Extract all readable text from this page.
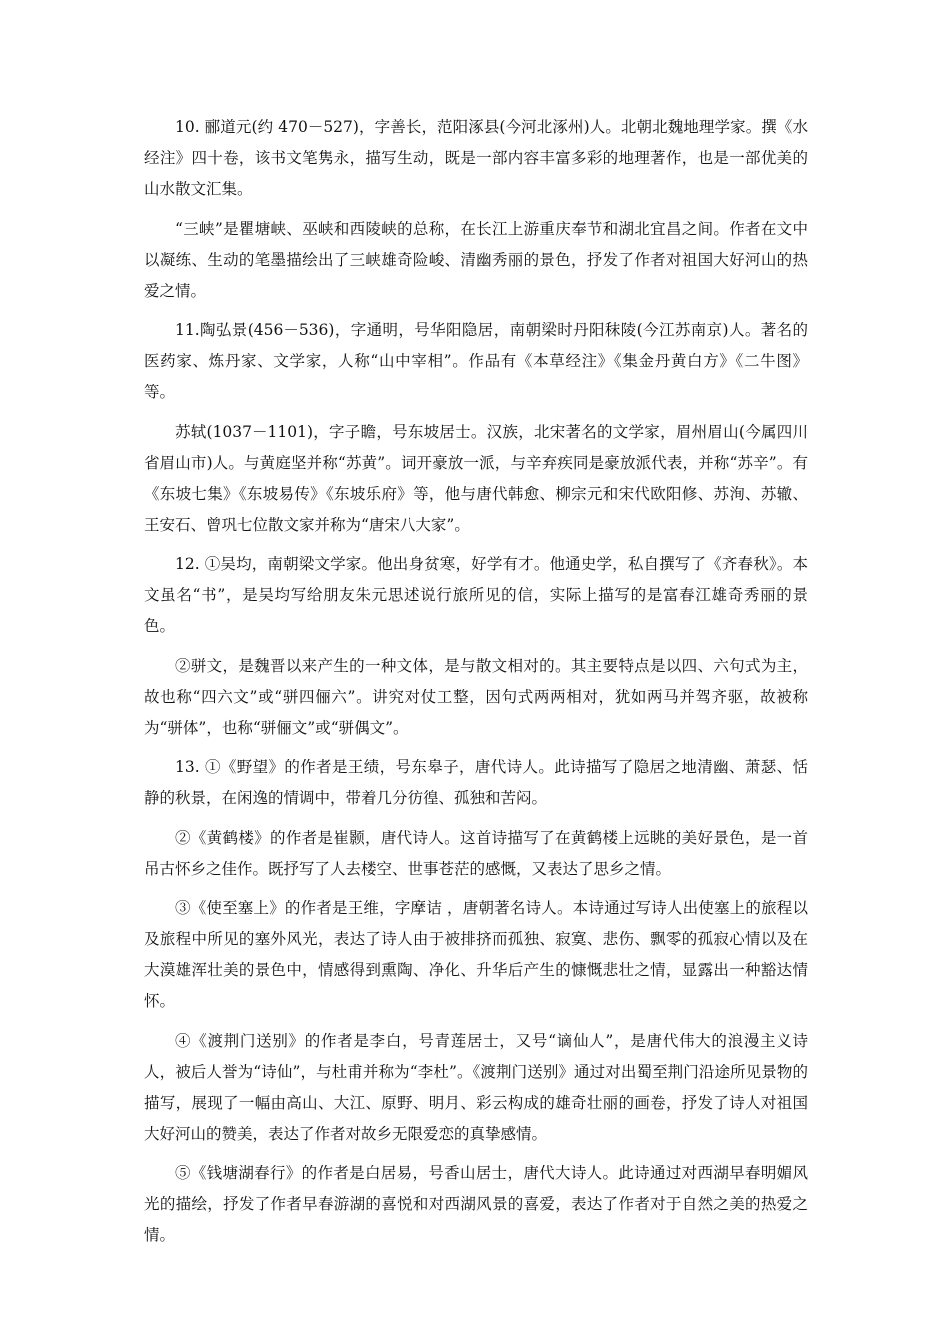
10. 郦道元(约 470－527)，字善长，范阳涿县(今河北涿州)人。北朝北魏地理学家。撰《水经注》四十卷，该书文笔隽永，描写生动，既是一部内容丰富多彩的地理著作，也是一部优美的山水散文汇集。

“三峡”是瞿塘峡、巫峡和西陵峡的总称，在长江上游重庆奉节和湖北宜昌之间。作者在文中以凝练、生动的笔墨描绘出了三峡雄奇险峻、清幽秀丽的景色，抒发了作者对祖国大好河山的热爱之情。

11.陶弘景(456－536)，字通明，号华阳隐居，南朝梁时丹阳秣陵(今江苏南京)人。著名的医药家、炼丹家、文学家，人称“山中宰相”。作品有《本草经注》《集金丹黄白方》《二牛图》等。

苏轼(1037－1101)，字子瞻，号东坡居士。汉族，北宋著名的文学家，眉州眉山(今属四川省眉山市)人。与黄庭坚并称“苏黄”。词开豪放一派，与辛弃疾同是豪放派代表，并称“苏辛”。有《东坡七集》《东坡易传》《东坡乐府》等，他与唐代韩愈、柳宗元和宋代欧阳修、苏洵、苏辙、王安石、曾巩七位散文家并称为“唐宋八大家”。

12. ①吴均，南朝梁文学家。他出身贫寒，好学有才。他通史学，私自撰写了《齐春秋》。本文虽名“书”，是吴均写给朋友朱元思述说行旅所见的信，实际上描写的是富春江雄奇秀丽的景色。

②骈文，是魏晋以来产生的一种文体，是与散文相对的。其主要特点是以四、六句式为主，故也称“四六文”或“骈四俪六”。讲究对仗工整，因句式两两相对，犹如两马并驾齐驱，故被称为“骈体”，也称“骈俪文”或“骈偶文”。

13. ①《野望》的作者是王绩，号东皋子，唐代诗人。此诗描写了隐居之地清幽、萧瑟、恬静的秋景，在闲逸的情调中，带着几分彷徨、孤独和苦闷。

②《黄鹤楼》的作者是崔颢，唐代诗人。这首诗描写了在黄鹤楼上远眺的美好景色，是一首吊古怀乡之佳作。既抒写了人去楼空、世事苍茫的感慨，又表达了思乡之情。

③《使至塞上》的作者是王维，字摩诘 ，唐朝著名诗人。本诗通过写诗人出使塞上的旅程以及旅程中所见的塞外风光，表达了诗人由于被排挤而孤独、寂寞、悲伤、飘零的孤寂心情以及在大漠雄浑壮美的景色中，情感得到熏陶、净化、升华后产生的慷慨悲壮之情，显露出一种豁达情怀。

④《渡荆门送别》的作者是李白，号青莲居士，又号“谪仙人”，是唐代伟大的浪漫主义诗人，被后人誉为“诗仙”，与杜甫并称为“李杜”。《渡荆门送别》通过对出蜀至荆门沿途所见景物的描写，展现了一幅由高山、大江、原野、明月、彩云构成的雄奇壮丽的画卷，抒发了诗人对祖国大好河山的赞美，表达了作者对故乡无限爱恋的真挚感情。

⑤《钱塘湖春行》的作者是白居易，号香山居士，唐代大诗人。此诗通过对西湖早春明媚风光的描绘，抒发了作者早春游湖的喜悦和对西湖风景的喜爱，表达了作者对于自然之美的热爱之情。
